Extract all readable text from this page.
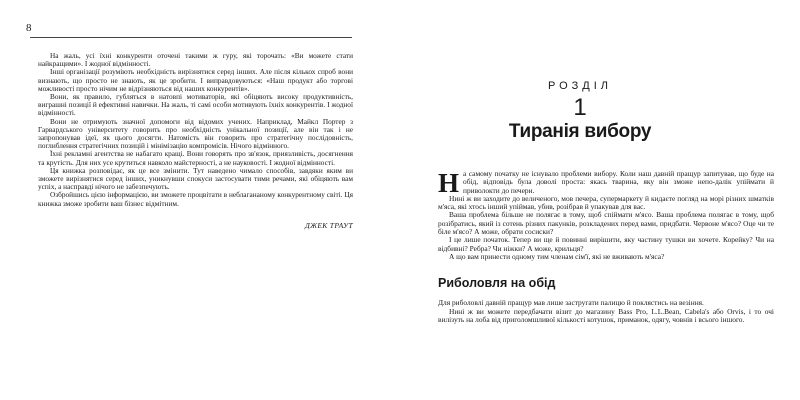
8

На жаль, усі їхні конкуренти оточені такими ж гуру, які торочать: «Ви можете стати найкращими». І жодної відмінності.

Інші організації розуміють необхідність вирізнятися серед інших. Але після кількох спроб вони визнають, що просто не знають, як це зробити. І виправдовуються: «Наш продукт або торгові можливості просто нічим не відрізняються від наших конкурентів».

Вони, як правило, губляться в натовпі мотиваторів, які обіцяють високу продуктивність, виграшні позиції й ефективні навички. На жаль, ті самі особи мотивують їхніх конкурентів. І жодної відмінності.

Вони не отримують значної допомоги від відомих учених. Наприклад, Майкл Портер з Гарвардського університету говорить про необхідність унікальної позиції, але він так і не запропонував ідеї, як цього досягти. Натомість він говорить про стратегічну послідовність, поглиблення стратегічних позицій і мінімізацію компромісів. Нічого відмінного.

Їхні рекламні агентства не набагато кращі. Вони говорять про зв'язок, приязливість, досягнення та крутість. Для них усе крутиться навколо майстерності, а не науковості. І жодної відмінності.

Ця книжка розповідає, як це все змінити. Тут наведено чимало способів, завдяки яким ви зможете вирізнятися серед інших, уникнувши спокуси застосувати тими речами, які обіцяють вам успіх, а насправді нічого не забезпечують.

Озбройшись цією інформацією, ви зможете процвітати в неблагананому конкурентному світі. Ця книжка зможе зробити ваш бізнес відмітним.

ДЖЕК ТРАУТ
РОЗДІЛ
1
Тиранія вибору

На самому початку не існувало проблеми вибору. Коли наш давній пращур запитував, що буде на обід, відповідь була доволі проста: якась тварина, яку він зможе непо-далік упіймати й приволокти до печери.

Нині ж ви заходите до величеного, мов печера, супермаркету й кидаєте погляд на морі різних шматків м'яса, які хтось інший упіймав, убив, розібрав й упакував для вас.

Ваша проблема більше не полягає в тому, щоб спіймати м'ясо. Ваша проблема полягає в тому, щоб розібратись, який із сотень різних пакунків, розкладених перед вами, придбати. Червоне м'ясо? Оце чи те біле м'ясо? А може, обрати сосиски?

І це лише початок. Тепер ви ще й повинні вирішити, яку частину тушки ви хочете. Корейку? Чи на відбивні? Ребра? Чи ніжки? А може, крильця?

А що вам принести одному тим членам сім'ї, які не вживають м'яса?

Риболовля на обід

Для риболовлі давній пращур мав лише застругати палицю й поклястись на везіння.

Нині ж ви можете передбачати візит до магазину Bass Pro, L.L.Bean, Cabela's або Orvis, і то очі вилізуть на лоба від приголомшливої кількості котушок, приманок, одягу, човнів і всього іншого.
